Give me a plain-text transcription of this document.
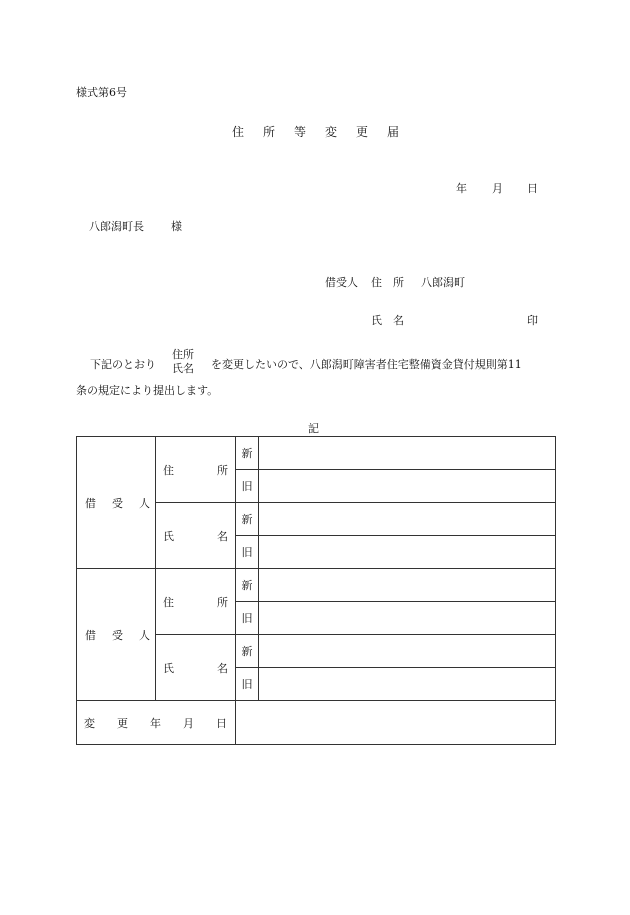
様式第6号
住所等変更届
年 月 日
八郎潟町長 様
借受人 住　所 八郎潟町
氏　名	印
下記のとおり
住所
氏名 を変更したいので、八郎潟町障害者住宅整備資金貸付規則第11
条の規定により提出します。
記
借 受 人	住 所	新	
		旧	

	氏 名	新	
		旧	

借 受 人	住 所	新	
		旧	

	氏 名	新	
		旧	

変 更 年 月 日			
